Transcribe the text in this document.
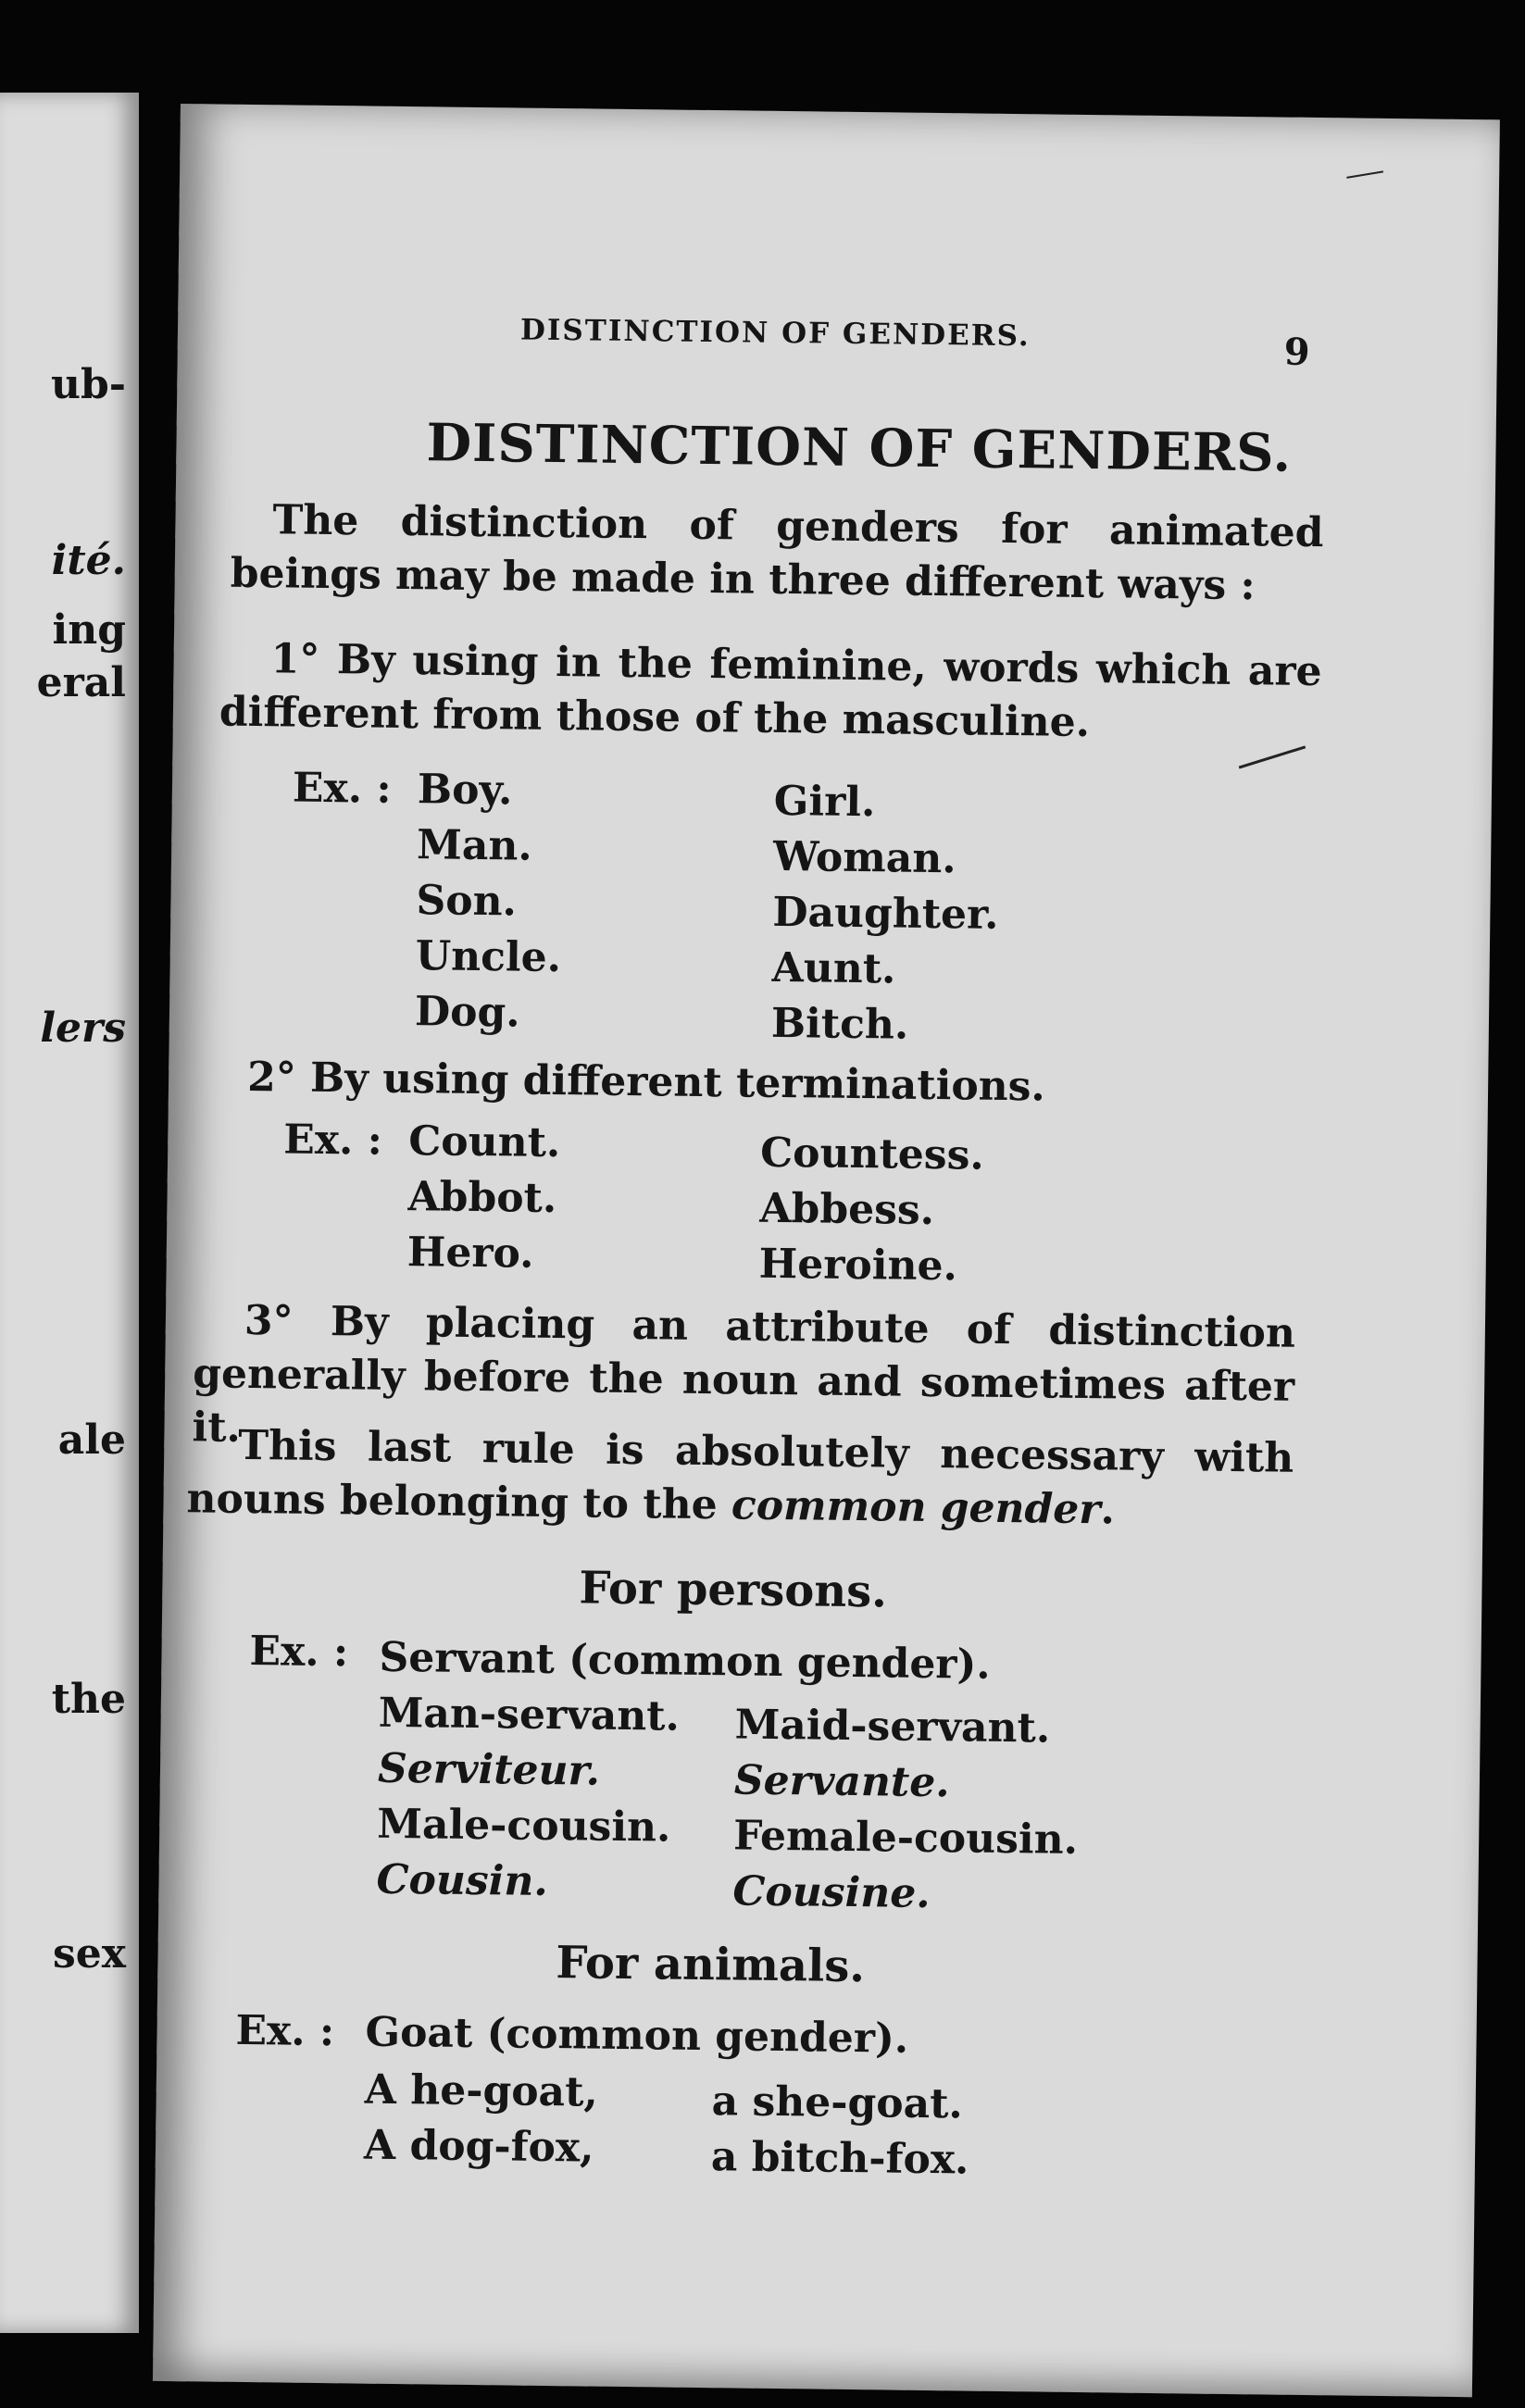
ub-
ité.
ing
eral
lers
ale
the
sex
DISTINCTION OF GENDERS.	9
DISTINCTION OF GENDERS.
The distinction of genders for animated beings may be made in three different ways :
1° By using in the feminine, words which are different from those of the masculine.
Ex. : Boy.	Girl.
Man.	Woman.
Son.	Daughter.
Uncle.	Aunt.
Dog.	Bitch.
2° By using different terminations.
Ex. : Count.	Countess.
Abbot.	Abbess.
Hero.	Heroine.
3° By placing an attribute of distinction generally before the noun and sometimes after it.
This last rule is absolutely necessary with nouns belonging to the common gender.
For persons.
Ex. : Servant (common gender).
Man-servant. Maid-servant.
Serviteur.	Servante.
Male-cousin. Female-cousin.
Cousin.	Cousine.
For animals.
Ex. : Goat (common gender).
A he-goat,	a she-goat.
A dog-fox,	a bitch-fox.
